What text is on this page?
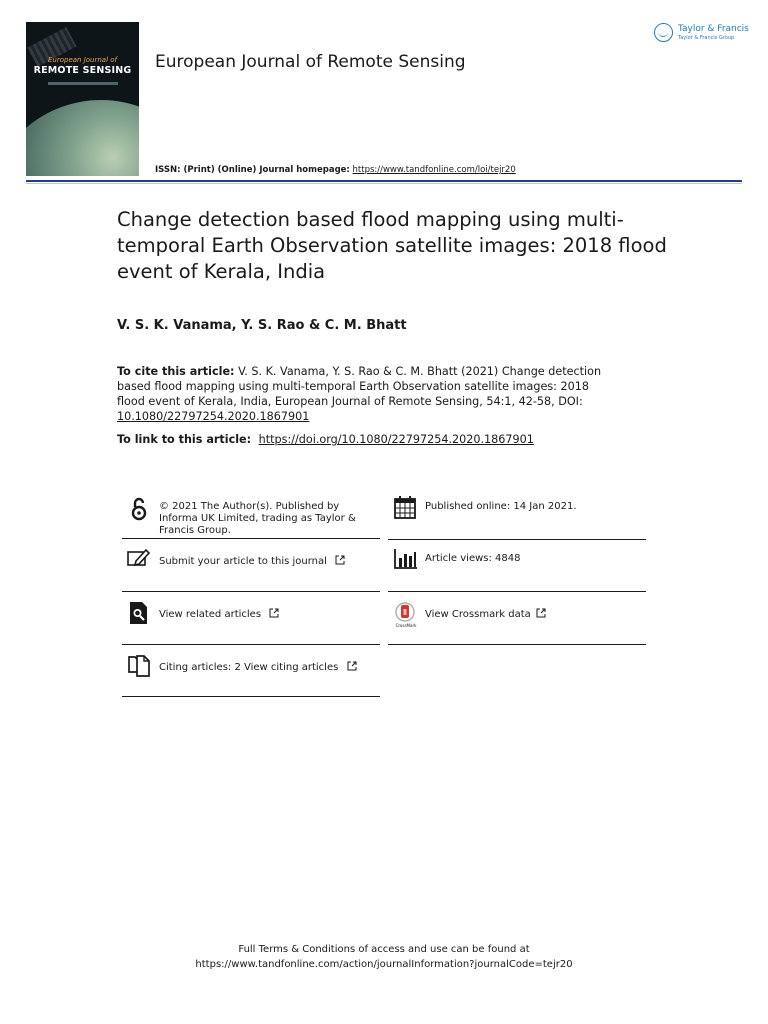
European Journal of
REMOTE SENSING	European Journal of Remote Sensing
Taylor & Francis
Taylor & Francis Group
ISSN: (Print) (Online) Journal homepage: https://www.tandfonline.com/loi/tejr20
Change detection based flood mapping using multi-temporal Earth Observation satellite images: 2018 flood event of Kerala, India
V. S. K. Vanama, Y. S. Rao & C. M. Bhatt
To cite this article: V. S. K. Vanama, Y. S. Rao & C. M. Bhatt (2021) Change detection based flood mapping using multi-temporal Earth Observation satellite images: 2018 flood event of Kerala, India, European Journal of Remote Sensing, 54:1, 42-58, DOI: 10.1080/22797254.2020.1867901
To link to this article: https://doi.org/10.1080/22797254.2020.1867901
© 2021 The Author(s). Published by Informa UK Limited, trading as Taylor & Francis Group.
Submit your article to this journal
View related articles
Citing articles: 2 View citing articles
Published online: 14 Jan 2021.
Article views: 4848
CrossMark
View Crossmark data
Full Terms & Conditions of access and use can be found at
https://www.tandfonline.com/action/journalInformation?journalCode=tejr20
